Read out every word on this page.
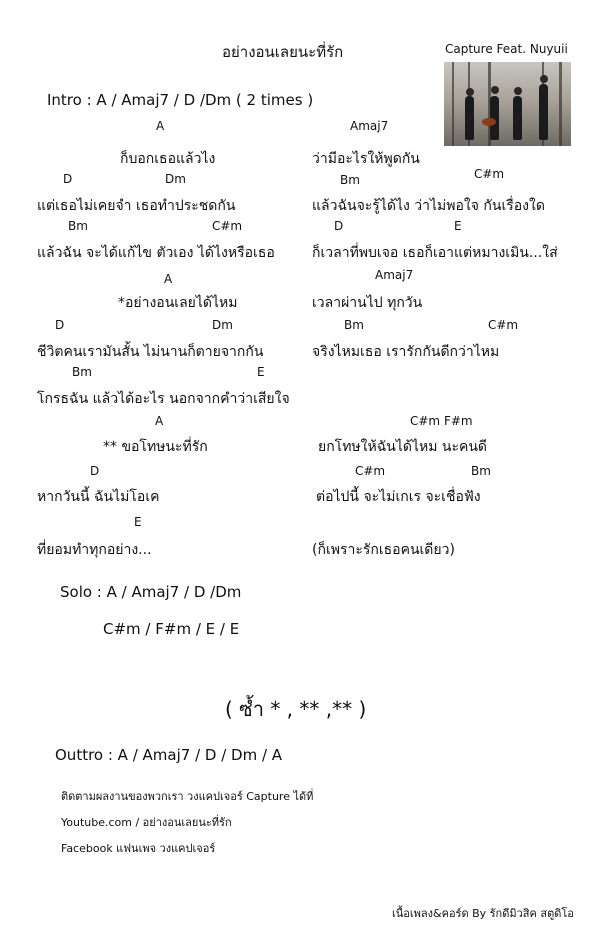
อย่างอนเลยนะที่รัก	Capture Feat. Nuyuii
Intro : A / Amaj7 / D /Dm ( 2 times )
A
ก็บอกเธอแล้วไง
D	Dm
แต่เธอไม่เคยจำ เธอทำประชดกัน
Bm	C#m
แล้วฉัน จะได้แก้ไข ตัวเอง ได้ไงหรือเธอ
A
*อย่างอนเลยได้ไหม
D	Dm
ชีวิตคนเรามันสั้น ไม่นานก็ตายจากกัน
Bm	E
โกรธฉัน แล้วได้อะไร นอกจากคำว่าเสียใจ
A
** ขอโทษนะที่รัก
D
หากวันนี้ ฉันไม่โอเค
E
ที่ยอมทำทุกอย่าง...
Amaj7
ว่ามีอะไรให้พูดกัน
C#m
Bm
แล้วฉันจะรู้ได้ไง ว่าไม่พอใจ กันเรื่องใด
D	E
ก็เวลาที่พบเจอ เธอก็เอาแต่หมางเมิน...ใส่
Amaj7
เวลาผ่านไป ทุกวัน
Bm	C#m
จริงไหมเธอ เรารักกันดีกว่าไหม
C#m F#m
ยกโทษให้ฉันได้ไหม นะคนดี
C#m	Bm
ต่อไปนี้ จะไม่เกเร จะเชื่อฟัง
(ก็เพราะรักเธอคนเดียว)
Solo : A / Amaj7 / D /Dm
C#m / F#m / E / E
( ซ้ำ * , ** ,** )
Outtro : A / Amaj7 / D / Dm / A
ติดตามผลงานของพวกเรา วงแคปเจอร์ Capture ได้ที่
Youtube.com / อย่างอนเลยนะที่รัก
Facebook แฟนเพจ วงแคปเจอร์
เนื้อเพลง&คอร์ด By รักดีมิวสิค สตูดิโอ
